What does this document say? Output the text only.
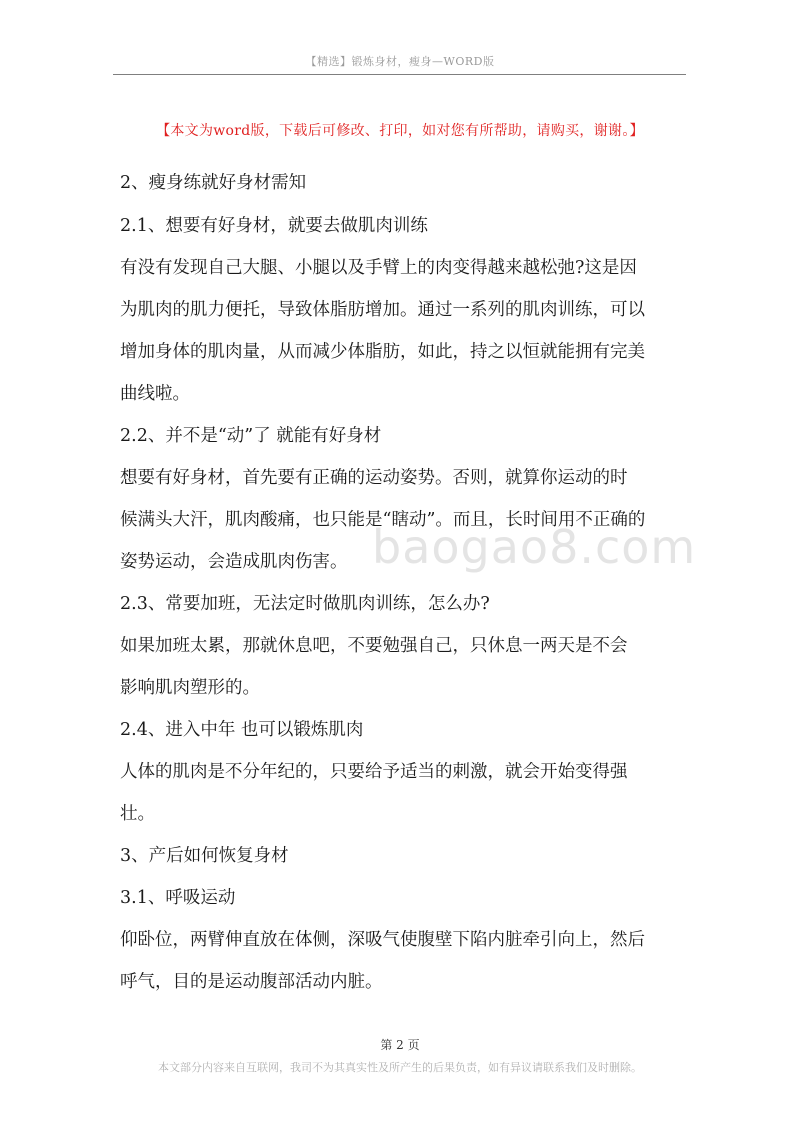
【精选】锻炼身材，瘦身—WORD版
【本文为word版，下载后可修改、打印，如对您有所帮助，请购买，谢谢。】
baogao8.com
2、瘦身练就好身材需知
2.1、想要有好身材，就要去做肌肉训练
有没有发现自己大腿、小腿以及手臂上的肉变得越来越松弛?这是因
为肌肉的肌力便托，导致体脂肪增加。通过一系列的肌肉训练，可以
增加身体的肌肉量，从而减少体脂肪，如此，持之以恒就能拥有完美
曲线啦。
2.2、并不是“动”了 就能有好身材
想要有好身材，首先要有正确的运动姿势。否则，就算你运动的时
候满头大汗，肌肉酸痛，也只能是“瞎动”。而且，长时间用不正确的
姿势运动，会造成肌肉伤害。
2.3、常要加班，无法定时做肌肉训练，怎么办?
如果加班太累，那就休息吧，不要勉强自己，只休息一两天是不会
影响肌肉塑形的。
2.4、进入中年 也可以锻炼肌肉
人体的肌肉是不分年纪的，只要给予适当的刺激，就会开始变得强
壮。
3、产后如何恢复身材
3.1、呼吸运动
仰卧位，两臂伸直放在体侧，深吸气使腹壁下陷内脏牵引向上，然后
呼气，目的是运动腹部活动内脏。
第 2 页
本文部分内容来自互联网，我司不为其真实性及所产生的后果负责，如有异议请联系我们及时删除。
